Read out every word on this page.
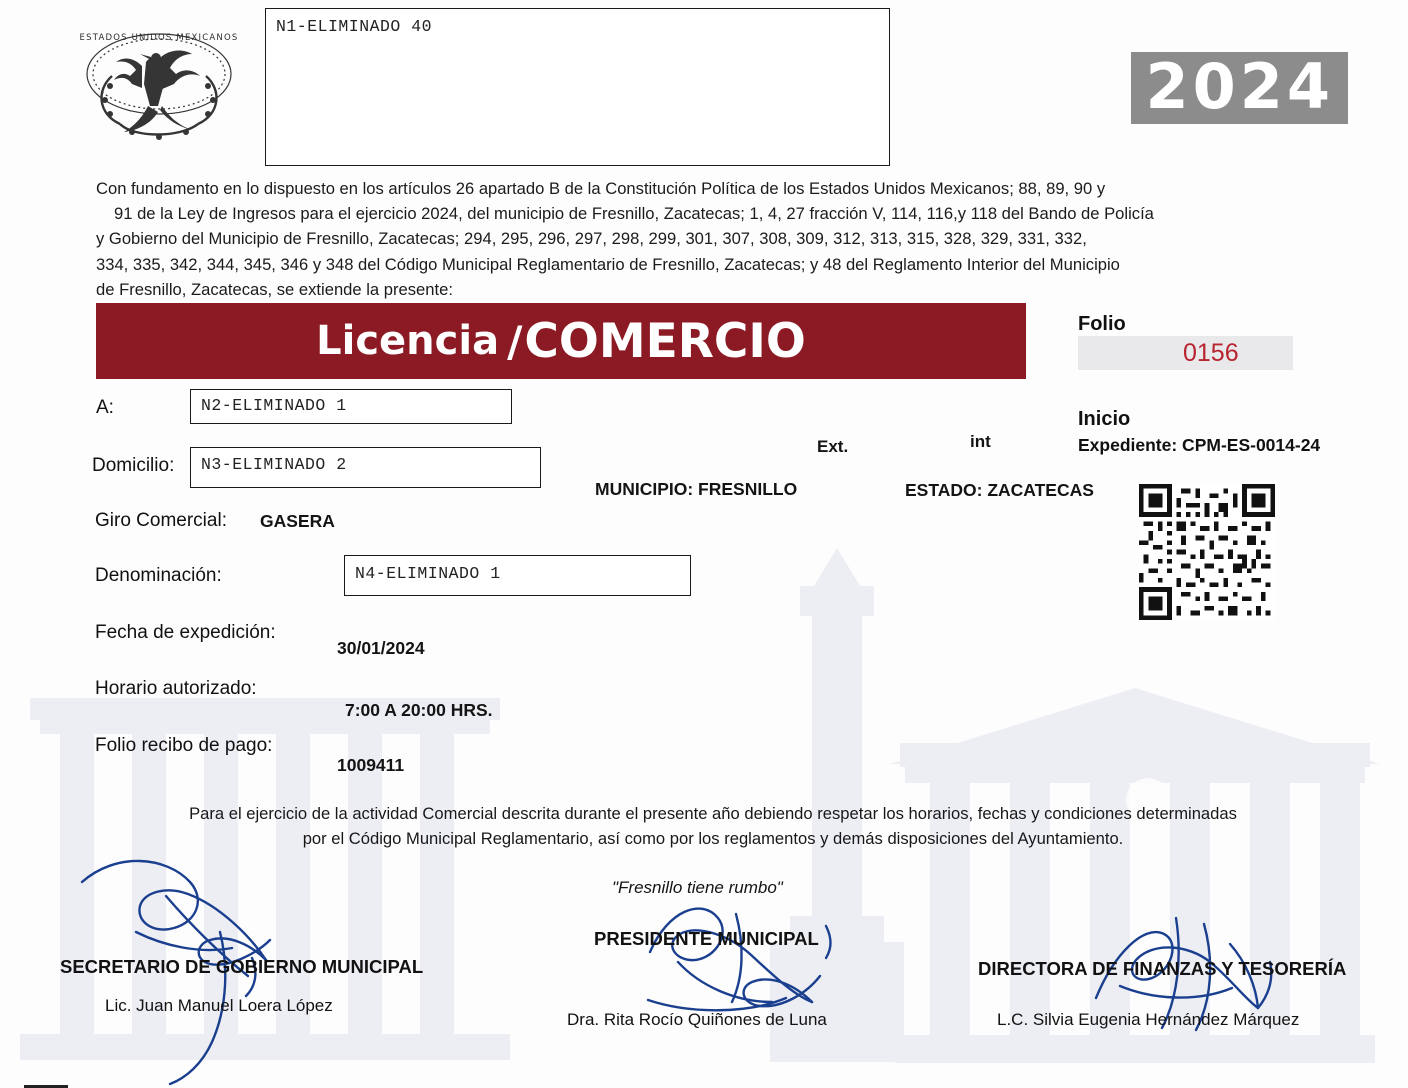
ESTADOS UNIDOS MEXICANOS
2024
N1-ELIMINADO 40
Con fundamento en lo dispuesto en los artículos 26 apartado B de la Constitución Política de los Estados Unidos Mexicanos; 88, 89, 90 y
91 de la Ley de Ingresos para el ejercicio 2024, del municipio de Fresnillo, Zacatecas; 1, 4, 27 fracción V, 114, 116,y 118 del Bando de Policía
y Gobierno del Municipio de Fresnillo, Zacatecas; 294, 295, 296, 297, 298, 299, 301, 307, 308, 309, 312, 313, 315, 328, 329, 331, 332,
334, 335, 342, 344, 345, 346 y 348 del Código Municipal Reglamentario de Fresnillo, Zacatecas; y 48 del Reglamento Interior del Municipio
de Fresnillo, Zacatecas, se extiende la presente:
Licencia / COMERCIO	Folio
0156
Inicio
Expediente: CPM-ES-0014-24
A:	N2-ELIMINADO 1
Domicilio:	N3-ELIMINADO 2
Giro Comercial: GASERA
Denominación:	N4-ELIMINADO 1
Fecha de expedición:
30/01/2024
Horario autorizado:
7:00 A 20:00 HRS.
Folio recibo de pago:
1009411
Ext.	int
MUNICIPIO: FRESNILLO	ESTADO: ZACATECAS
Para el ejercicio de la actividad Comercial descrita durante el presente año debiendo respetar los horarios, fechas y condiciones determinadas
por el Código Municipal Reglamentario, así como por los reglamentos y demás disposiciones del Ayuntamiento.
"Fresnillo tiene rumbo"
SECRETARIO DE GOBIERNO MUNICIPAL
Lic. Juan Manuel Loera López
PRESIDENTE MUNICIPAL
Dra. Rita Rocío Quiñones de Luna
DIRECTORA DE FINANZAS Y TESORERÍA
L.C. Silvia Eugenia Hernández Márquez
